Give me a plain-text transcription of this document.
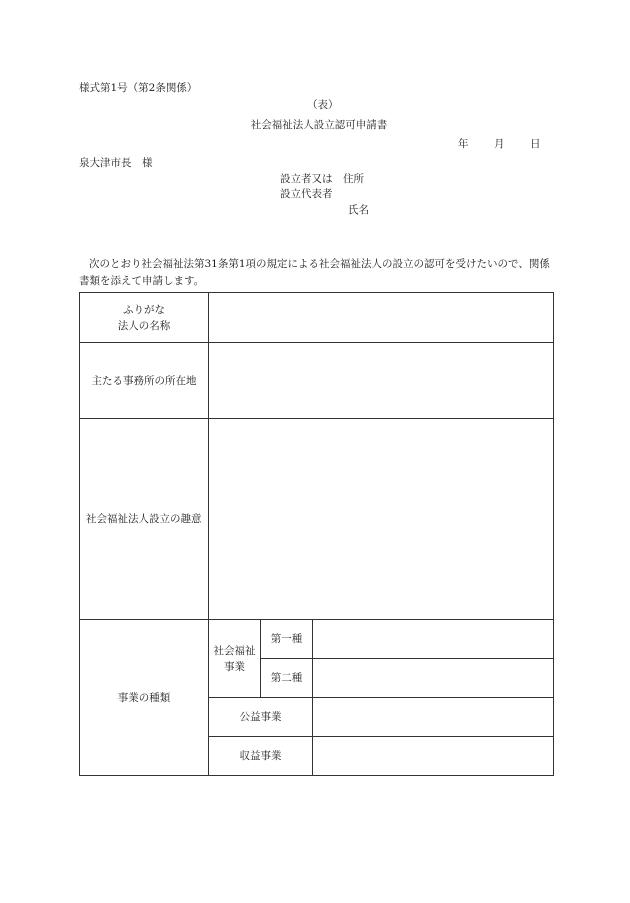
様式第1号（第2条関係）
（表）
社会福祉法人設立認可申請書
年 月 日
泉大津市長　様
設立者又は　住所
設立代表者
氏名
次のとおり社会福祉法第31条第1項の規定による社会福祉法人の設立の認可を受けたいので、関係書類を添えて申請します。
ふりがな
法人の名称			

主たる事務所の所在地			
社会福祉法人設立の趣意			
事業の種類	社会福祉事業	第一種	
		第二種	
	公益事業		
	収益事業		
